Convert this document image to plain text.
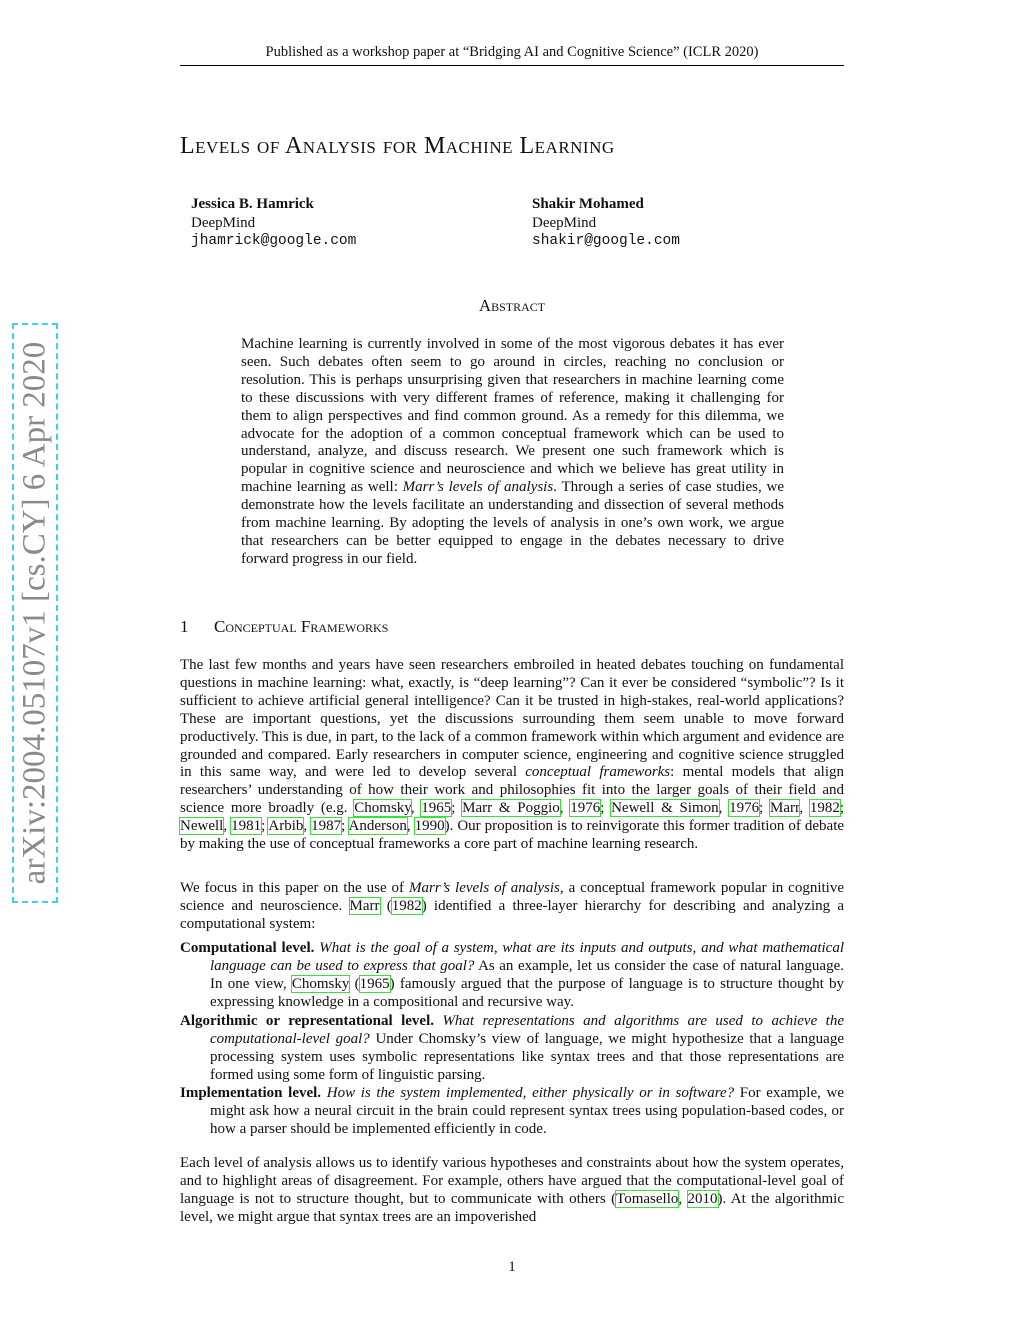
Published as a workshop paper at “Bridging AI and Cognitive Science” (ICLR 2020)
Levels of Analysis for Machine Learning
Jessica B. Hamrick
DeepMind
jhamrick@google.com
Shakir Mohamed
DeepMind
shakir@google.com
arXiv:2004.05107v1 [cs.CY] 6 Apr 2020
Abstract
Machine learning is currently involved in some of the most vigorous debates it has ever seen. Such debates often seem to go around in circles, reaching no conclusion or resolution. This is perhaps unsurprising given that researchers in machine learning come to these discussions with very different frames of reference, making it challenging for them to align perspectives and find common ground. As a remedy for this dilemma, we advocate for the adoption of a common conceptual framework which can be used to understand, analyze, and discuss research. We present one such framework which is popular in cognitive science and neuroscience and which we believe has great utility in machine learning as well: Marr’s levels of analysis. Through a series of case studies, we demonstrate how the levels facilitate an understanding and dissection of several methods from machine learning. By adopting the levels of analysis in one’s own work, we argue that researchers can be better equipped to engage in the debates necessary to drive forward progress in our field.
1 Conceptual Frameworks

The last few months and years have seen researchers embroiled in heated debates touching on fundamental questions in machine learning: what, exactly, is “deep learning”? Can it ever be considered “symbolic”? Is it sufficient to achieve artificial general intelligence? Can it be trusted in high-stakes, real-world applications? These are important questions, yet the discussions surrounding them seem unable to move forward productively. This is due, in part, to the lack of a common framework within which argument and evidence are grounded and compared. Early researchers in computer science, engineering and cognitive science struggled in this same way, and were led to develop several conceptual frameworks: mental models that align researchers’ understanding of how their work and philosophies fit into the larger goals of their field and science more broadly (e.g. Chomsky, 1965; Marr & Poggio, 1976; Newell & Simon, 1976; Marr, 1982; Newell, 1981; Arbib, 1987; Anderson, 1990). Our proposition is to reinvigorate this former tradition of debate by making the use of conceptual frameworks a core part of machine learning research.

We focus in this paper on the use of Marr’s levels of analysis, a conceptual framework popular in cognitive science and neuroscience. Marr (1982) identified a three-layer hierarchy for describing and analyzing a computational system:

Computational level. What is the goal of a system, what are its inputs and outputs, and what mathematical language can be used to express that goal? As an example, let us consider the case of natural language. In one view, Chomsky (1965) famously argued that the purpose of language is to structure thought by expressing knowledge in a compositional and recursive way.
Algorithmic or representational level. What representations and algorithms are used to achieve the computational-level goal? Under Chomsky’s view of language, we might hypothesize that a language processing system uses symbolic representations like syntax trees and that those representations are formed using some form of linguistic parsing.
Implementation level. How is the system implemented, either physically or in software? For example, we might ask how a neural circuit in the brain could represent syntax trees using population-based codes, or how a parser should be implemented efficiently in code.

Each level of analysis allows us to identify various hypotheses and constraints about how the system operates, and to highlight areas of disagreement. For example, others have argued that the computational-level goal of language is not to structure thought, but to communicate with others (Tomasello, 2010). At the algorithmic level, we might argue that syntax trees are an impoverished

1
